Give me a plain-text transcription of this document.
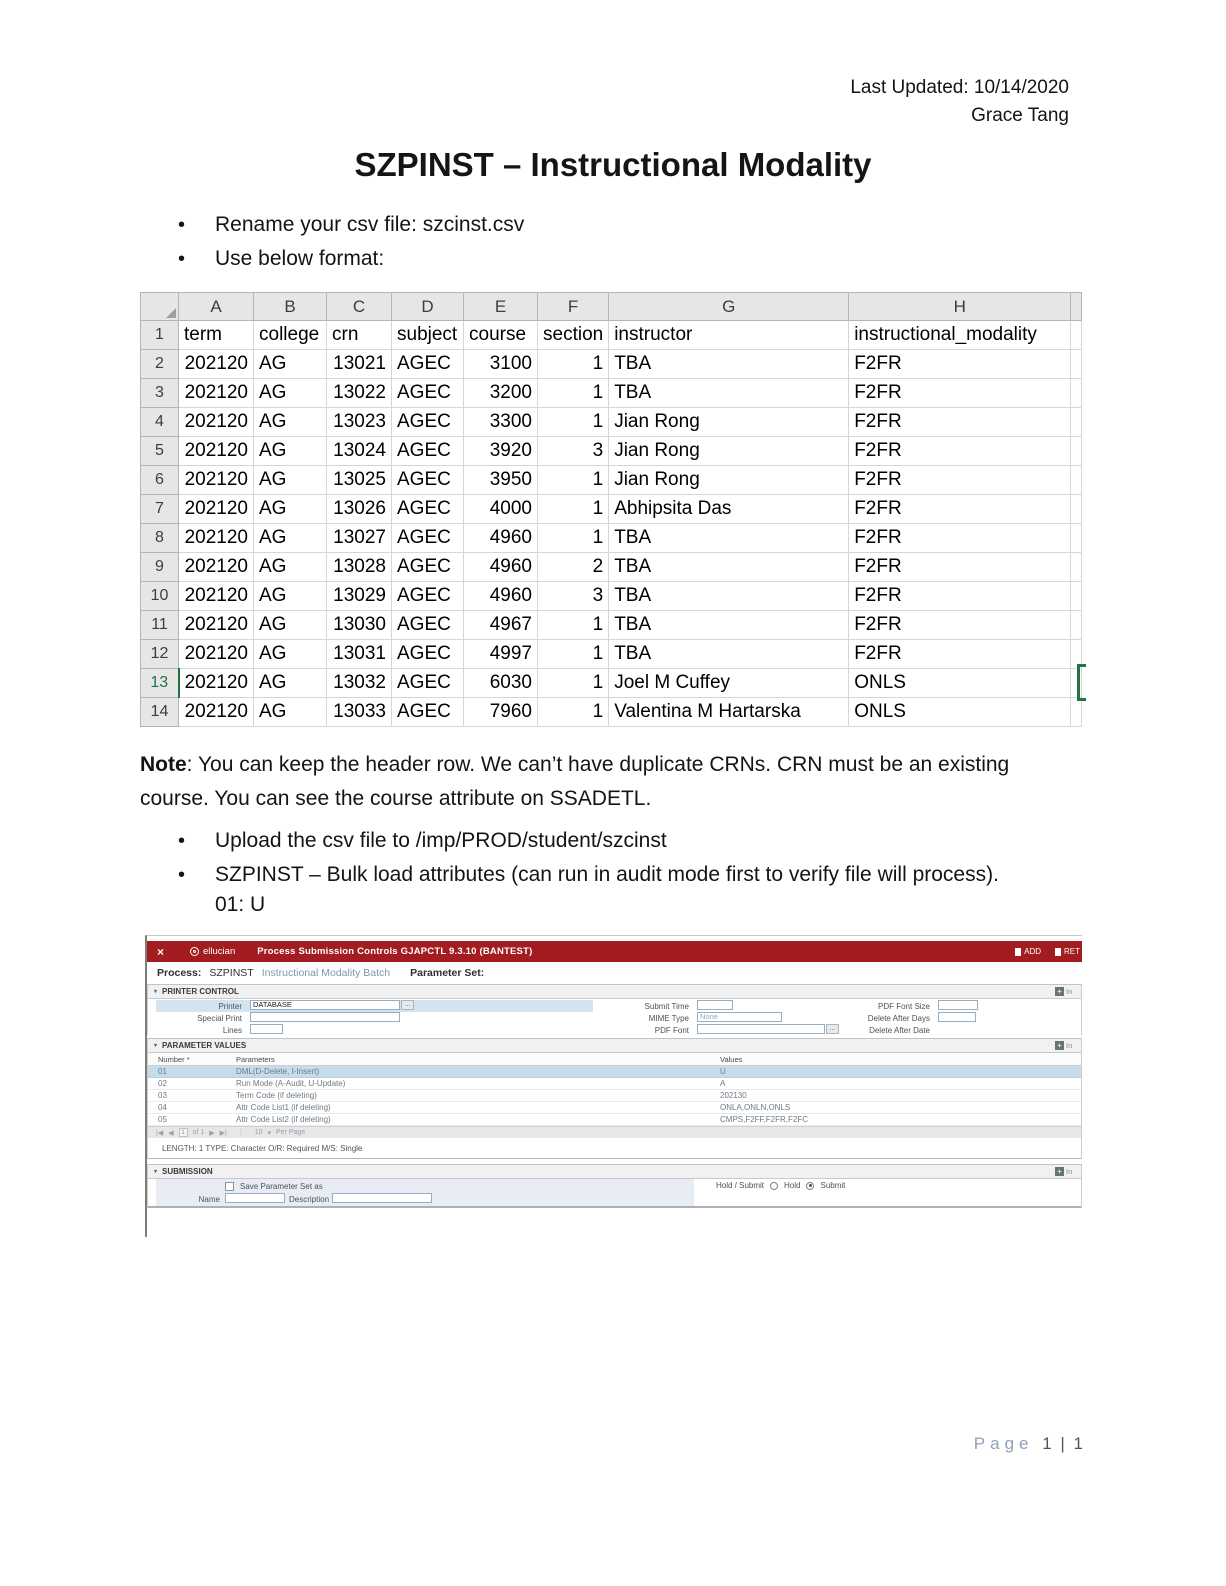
Last Updated: 10/14/2020
Grace Tang
SZPINST – Instructional Modality
•	Rename your csv file: szcinst.csv
•	Use below format:
	A	B	C	D	E	F	G	H	
1	term	college	crn	subject	course	section	instructor	instructional_modality	
2	202120	AG	13021	AGEC	3100	1	TBA	F2FR	
3	202120	AG	13022	AGEC	3200	1	TBA	F2FR	
4	202120	AG	13023	AGEC	3300	1	Jian Rong	F2FR	
5	202120	AG	13024	AGEC	3920	3	Jian Rong	F2FR	
6	202120	AG	13025	AGEC	3950	1	Jian Rong	F2FR	
7	202120	AG	13026	AGEC	4000	1	Abhipsita Das	F2FR	
8	202120	AG	13027	AGEC	4960	1	TBA	F2FR	
9	202120	AG	13028	AGEC	4960	2	TBA	F2FR	
10	202120	AG	13029	AGEC	4960	3	TBA	F2FR	
11	202120	AG	13030	AGEC	4967	1	TBA	F2FR	
12	202120	AG	13031	AGEC	4997	1	TBA	F2FR	
13	202120	AG	13032	AGEC	6030	1	Joel M Cuffey	ONLS	
14	202120	AG	13033	AGEC	7960	1	Valentina M Hartarska	ONLS	

Note: You can keep the header row. We can’t have duplicate CRNs. CRN must be an existing course. You can see the course attribute on SSADETL.

•	Upload the csv file to /imp/PROD/student/szcinst
•	SZPINST – Bulk load attributes (can run in audit mode first to verify file will process).
01: U
×	ellucian Process Submission Controls GJAPCTL 9.3.10 (BANTEST)	ADD	RET
Process: SZPINST Instructional Modality Batch Parameter Set:
▾ PRINTER CONTROL	+ In
Printer	DATABASE	...
Special Print
Lines
Submit Time
MIME Type	None
PDF Font	...
PDF Font Size
Delete After Days
Delete After Date
▾ PARAMETER VALUES	+ In
Number *	Parameters	Values
01	DML(D-Delete, I-Insert)	U
02	Run Mode (A-Audit, U-Update)	A
03	Term Code (if deleting)	202130
04	Attr Code List1 (if deleting)	ONLA,ONLN,ONLS
05	Attr Code List2 (if deleting)	CMPS,F2FF,F2FR,F2FC
|◀ ◀	1	of 1 ▶ ▶| | 10 ▾ Per Page
LENGTH: 1 TYPE: Character O/R: Required M/S: Single
▾ SUBMISSION	+ In
Save Parameter Set as
Name	Description
Hold / Submit	Hold	Submit
Page 1 | 1
